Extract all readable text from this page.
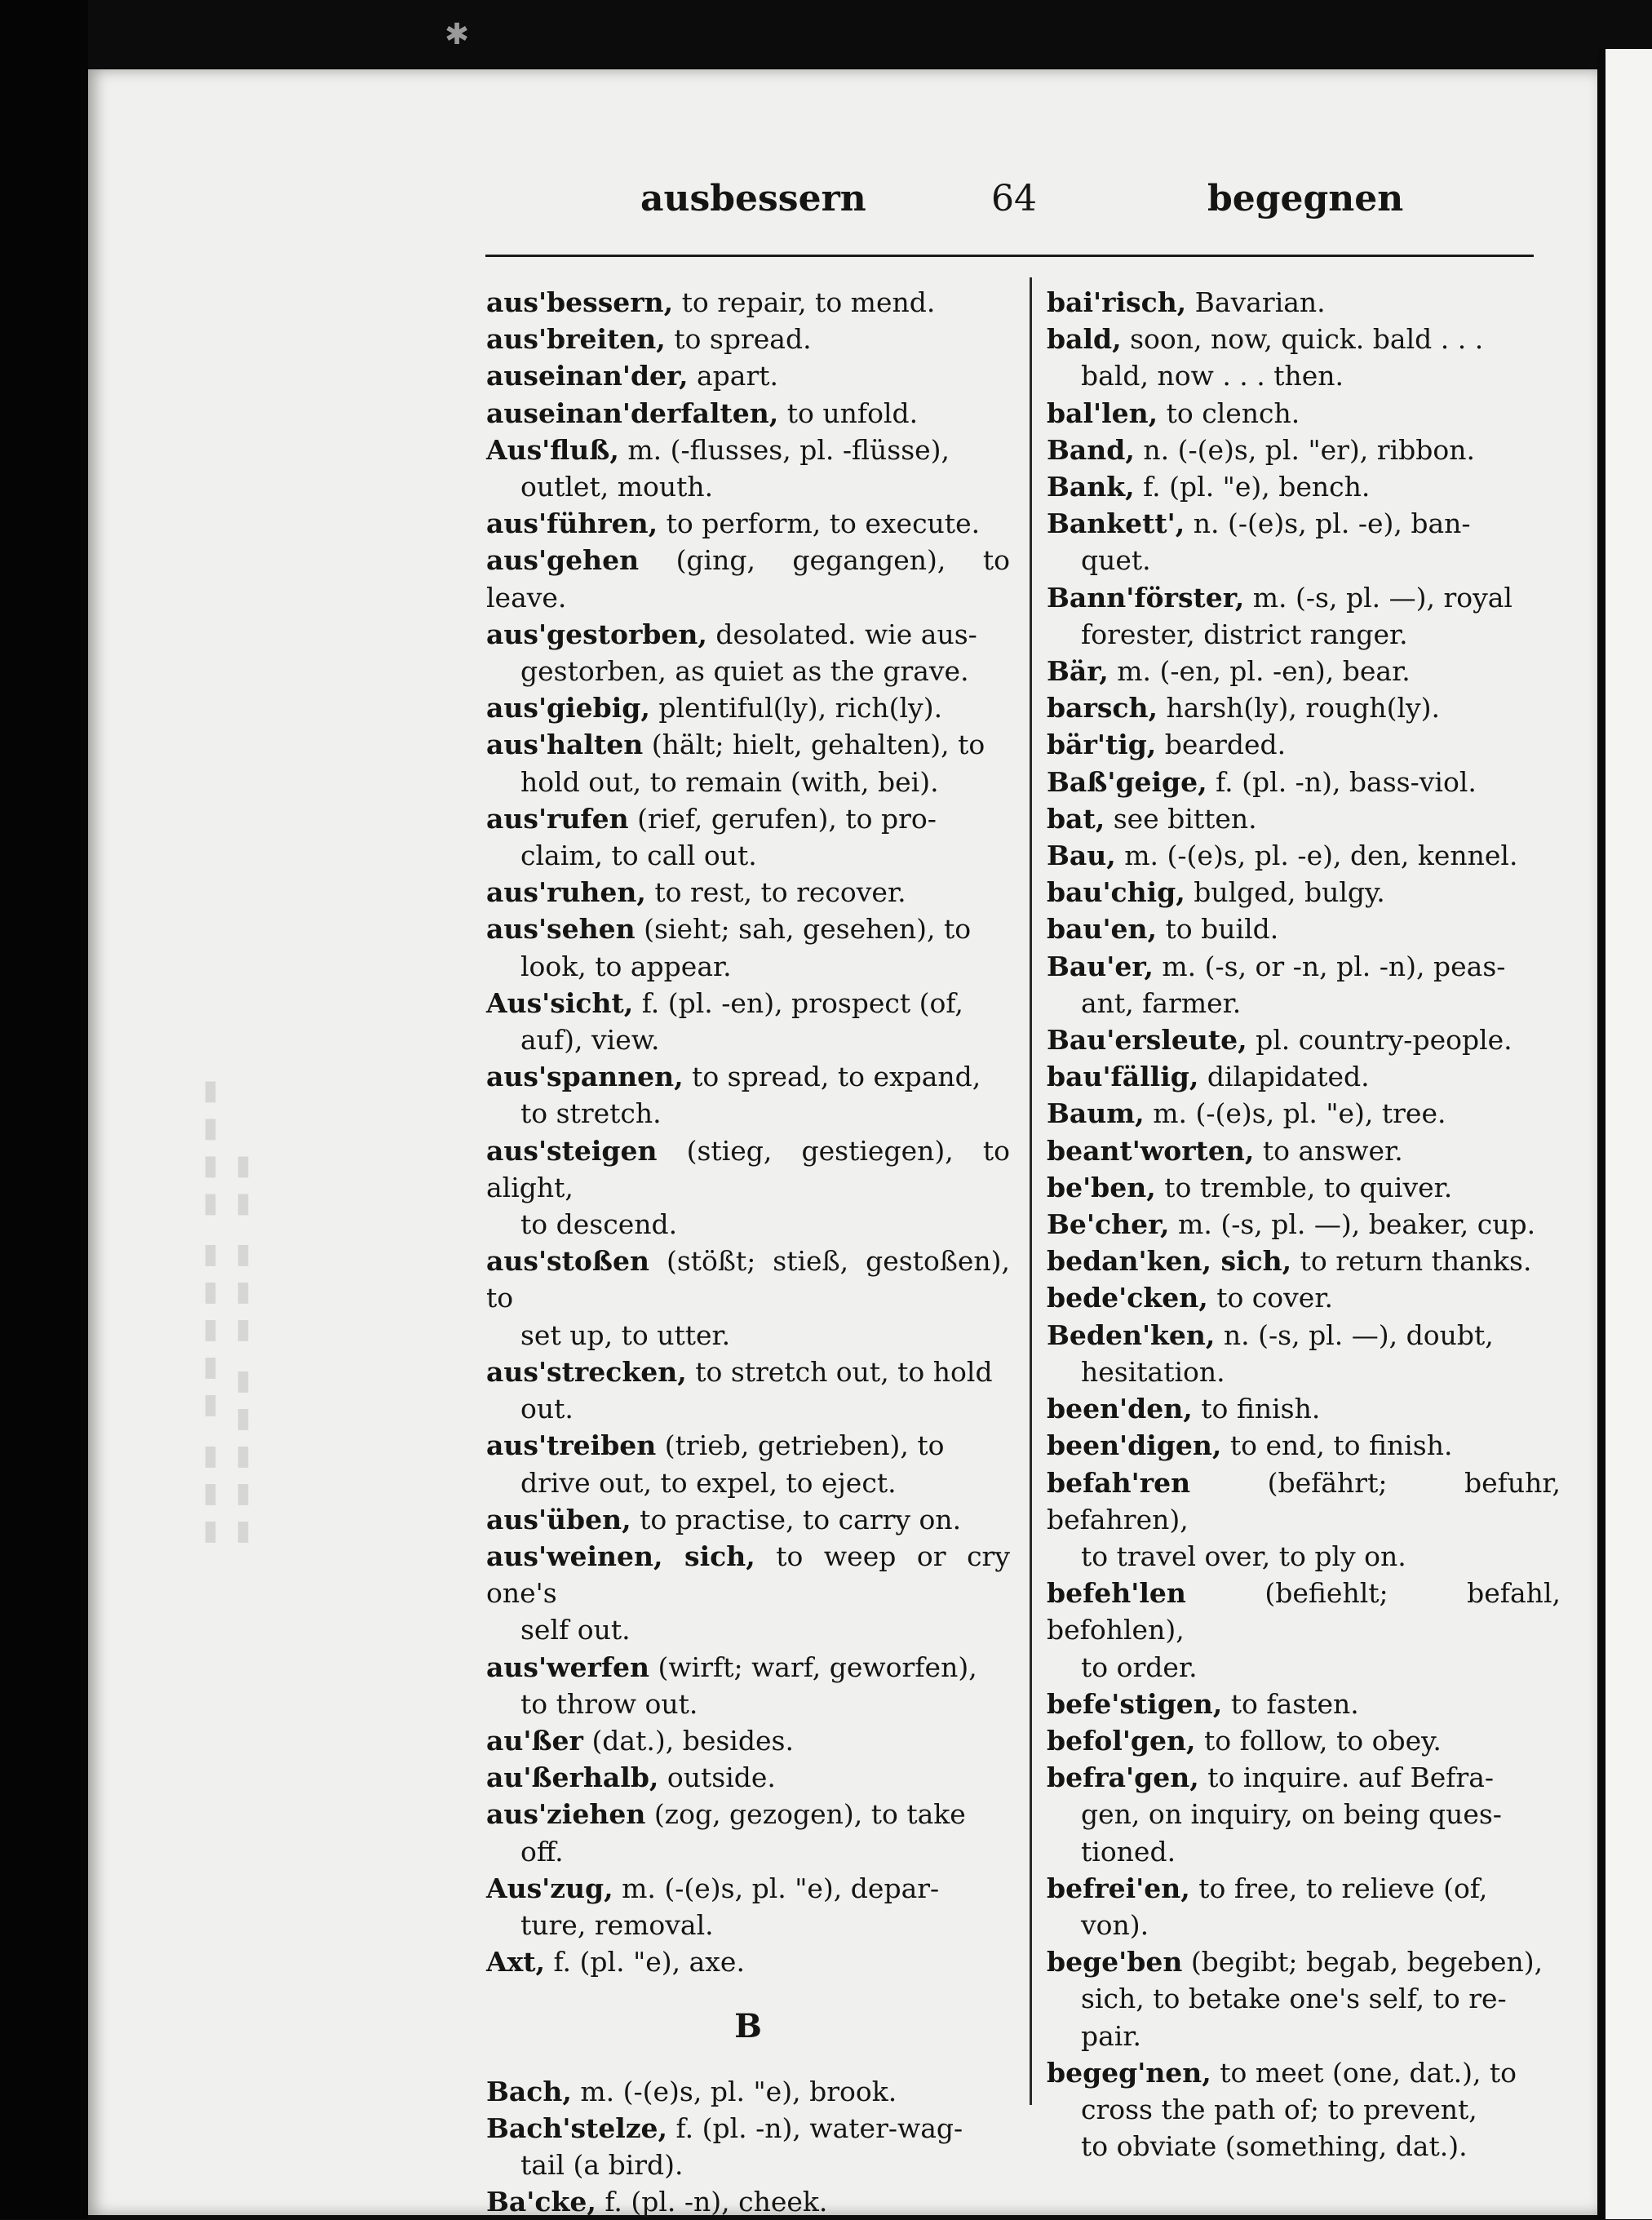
✱
▮▮▮ ▮▮▮▮▮ ▮▮▮▮ ▮▮▮▮▮ ▮▮▮ ▮▮
ausbessern	64	begegnen
aus'bessern, to repair, to mend.
aus'breiten, to spread.
auseinan'der, apart.
auseinan'derfalten, to unfold.
Aus'fluß, m. (-flusses, pl. -flüsse),
outlet, mouth.
aus'führen, to perform, to execute.
aus'gehen (ging, gegangen), to leave.
aus'gestorben, desolated. wie aus-
gestorben, as quiet as the grave.
aus'giebig, plentiful(ly), rich(ly).
aus'halten (hält; hielt, gehalten), to
hold out, to remain (with, bei).
aus'rufen (rief, gerufen), to pro-
claim, to call out.
aus'ruhen, to rest, to recover.
aus'sehen (sieht; sah, gesehen), to
look, to appear.
Aus'sicht, f. (pl. -en), prospect (of,
auf), view.
aus'spannen, to spread, to expand,
to stretch.
aus'steigen (stieg, gestiegen), to alight,
to descend.
aus'stoßen (stößt; stieß, gestoßen), to
set up, to utter.
aus'strecken, to stretch out, to hold
out.
aus'treiben (trieb, getrieben), to
drive out, to expel, to eject.
aus'üben, to practise, to carry on.
aus'weinen, sich, to weep or cry one's
self out.
aus'werfen (wirft; warf, geworfen),
to throw out.
au'ßer (dat.), besides.
au'ßerhalb, outside.
aus'ziehen (zog, gezogen), to take
off.
Aus'zug, m. (-(e)s, pl. "e), depar-
ture, removal.
Axt, f. (pl. "e), axe.
B
Bach, m. (-(e)s, pl. "e), brook.
Bach'stelze, f. (pl. -n), water-wag-
tail (a bird).
Ba'cke, f. (pl. -n), cheek.
bai'risch, Bavarian.
bald, soon, now, quick. bald . . .
bald, now . . . then.
bal'len, to clench.
Band, n. (-(e)s, pl. "er), ribbon.
Bank, f. (pl. "e), bench.
Bankett', n. (-(e)s, pl. -e), ban-
quet.
Bann'förster, m. (-s, pl. —), royal
forester, district ranger.
Bär, m. (-en, pl. -en), bear.
barsch, harsh(ly), rough(ly).
bär'tig, bearded.
Baß'geige, f. (pl. -n), bass-viol.
bat, see bitten.
Bau, m. (-(e)s, pl. -e), den, kennel.
bau'chig, bulged, bulgy.
bau'en, to build.
Bau'er, m. (-s, or -n, pl. -n), peas-
ant, farmer.
Bau'ersleute, pl. country-people.
bau'fällig, dilapidated.
Baum, m. (-(e)s, pl. "e), tree.
beant'worten, to answer.
be'ben, to tremble, to quiver.
Be'cher, m. (-s, pl. —), beaker, cup.
bedan'ken, sich, to return thanks.
bede'cken, to cover.
Beden'ken, n. (-s, pl. —), doubt,
hesitation.
been'den, to finish.
been'digen, to end, to finish.
befah'ren	(befährt; befuhr, befahren),
to travel over, to ply on.
befeh'len	(befiehlt; befahl, befohlen),
to order.
befe'stigen, to fasten.
befol'gen, to follow, to obey.
befra'gen, to inquire. auf Befra-
gen, on inquiry, on being ques-
tioned.
befrei'en, to free, to relieve (of,
von).
bege'ben (begibt; begab, begeben),
sich, to betake one's self, to re-
pair.
begeg'nen, to meet (one, dat.), to
cross the path of; to prevent,
to obviate (something, dat.).
